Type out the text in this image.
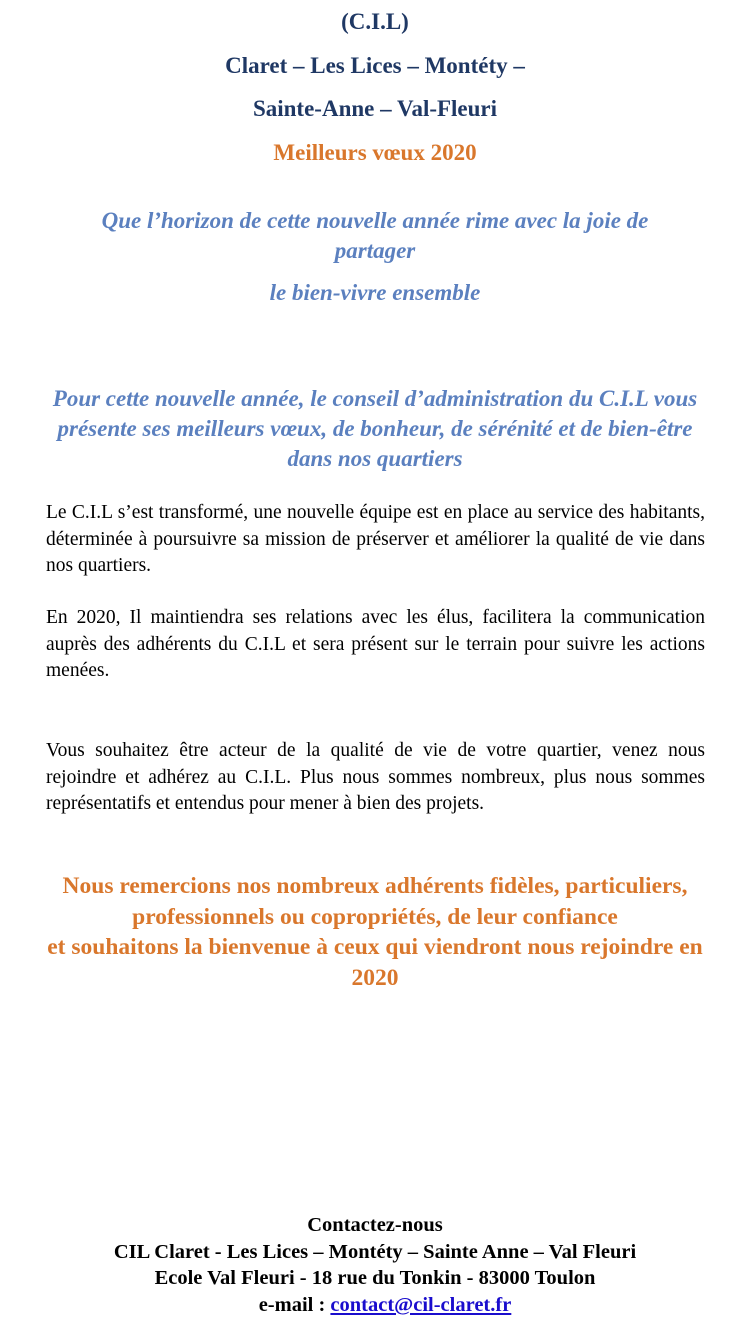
(C.I.L)

Claret – Les Lices – Montéty –

Sainte-Anne – Val-Fleuri

Meilleurs vœux 2020

Que l’horizon de cette nouvelle année rime avec la joie de partager

le bien-vivre ensemble

Pour cette nouvelle année, le conseil d’administration du C.I.L vous présente ses meilleurs vœux, de bonheur, de sérénité et de bien-être dans nos quartiers

Le C.I.L s’est transformé, une nouvelle équipe est en place au service des habitants, déterminée à poursuivre sa mission de préserver et améliorer la qualité de vie dans nos quartiers.

En 2020, Il maintiendra ses relations avec les élus, facilitera la communication auprès des adhérents du C.I.L et sera présent sur le terrain pour suivre les actions menées.

Vous souhaitez être acteur de la qualité de vie de votre quartier, venez nous rejoindre et adhérez au C.I.L. Plus nous sommes nombreux, plus nous sommes représentatifs et entendus pour mener à bien des projets.

Nous remercions nos nombreux adhérents fidèles, particuliers,
professionnels ou copropriétés, de leur confiance
et souhaitons la bienvenue à ceux qui viendront nous rejoindre en 2020

Contactez-nous

CIL Claret - Les Lices – Montéty – Sainte Anne – Val Fleuri

Ecole Val Fleuri - 18 rue du Tonkin - 83000 Toulon

e-mail : contact@cil-claret.fr
